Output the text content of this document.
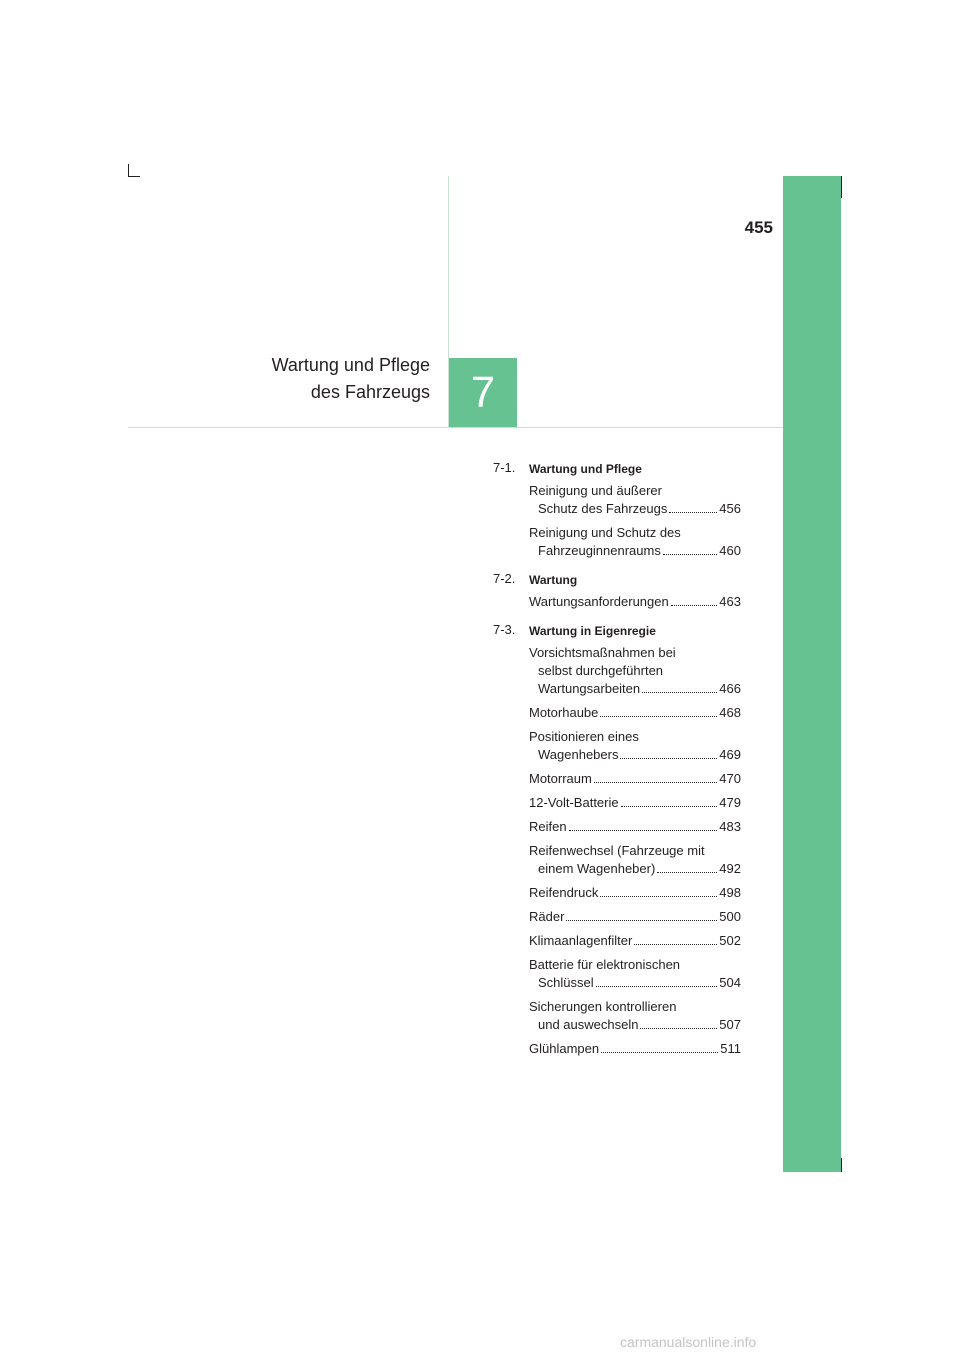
455
Wartung und Pflege
des Fahrzeugs 7
7-1. Wartung und Pflege
Reinigung und äußerer
Schutz des Fahrzeugs	456
Reinigung und Schutz des
Fahrzeuginnenraums	460
7-2. Wartung
Wartungsanforderungen	463
7-3. Wartung in Eigenregie
Vorsichtsmaßnahmen bei
selbst durchgeführten
Wartungsarbeiten	466
Motorhaube	468
Positionieren eines
Wagenhebers	469
Motorraum	470
12-Volt-Batterie	479
Reifen	483
Reifenwechsel (Fahrzeuge mit
einem Wagenheber)	492
Reifendruck	498
Räder	500
Klimaanlagenfilter	502
Batterie für elektronischen
Schlüssel	504
Sicherungen kontrollieren
und auswechseln	507
Glühlampen	511
carmanualsonline.info
